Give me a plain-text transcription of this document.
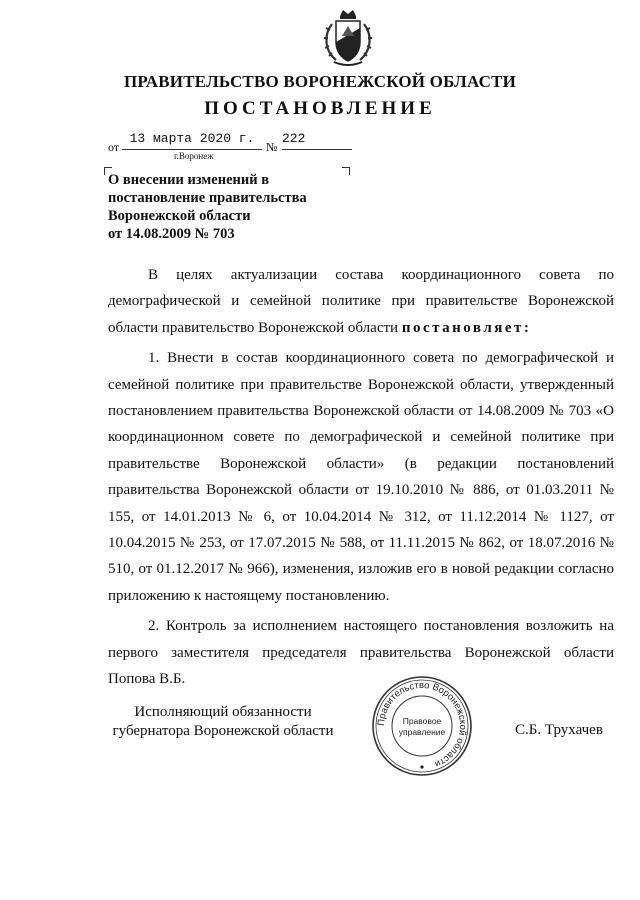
ПРАВИТЕЛЬСТВО ВОРОНЕЖСКОЙ ОБЛАСТИ
ПОСТАНОВЛЕНИЕ
от
13 марта 2020 г.
№
222
г.Воронеж
О внесении изменений в
постановление правительства
Воронежской области
от 14.08.2009 № 703

В целях актуализации состава координационного совета по демографической и семейной политике при правительстве Воронежской области правительство Воронежской области постановляет:

1. Внести в состав координационного совета по демографической и семейной политике при правительстве Воронежской области, утвержденный постановлением правительства Воронежской области от 14.08.2009 № 703 «О координационном совете по демографической и семейной политике при правительстве Воронежской области» (в редакции постановлений правительства Воронежской области от 19.10.2010 № 886, от 01.03.2011 № 155, от 14.01.2013 № 6, от 10.04.2014 № 312, от 11.12.2014 № 1127, от 10.04.2015 № 253, от 17.07.2015 № 588, от 11.11.2015 № 862, от 18.07.2016 № 510, от 01.12.2017 № 966), изменения, изложив его в новой редакции согласно приложению к настоящему постановлению.

2. Контроль за исполнением настоящего постановления возложить на первого заместителя председателя правительства Воронежской области Попова В.Б.

Исполняющий обязанности
губернатора Воронежской области
Правительство Воронежской области
Правовое
управление	С.Б. Трухачев
